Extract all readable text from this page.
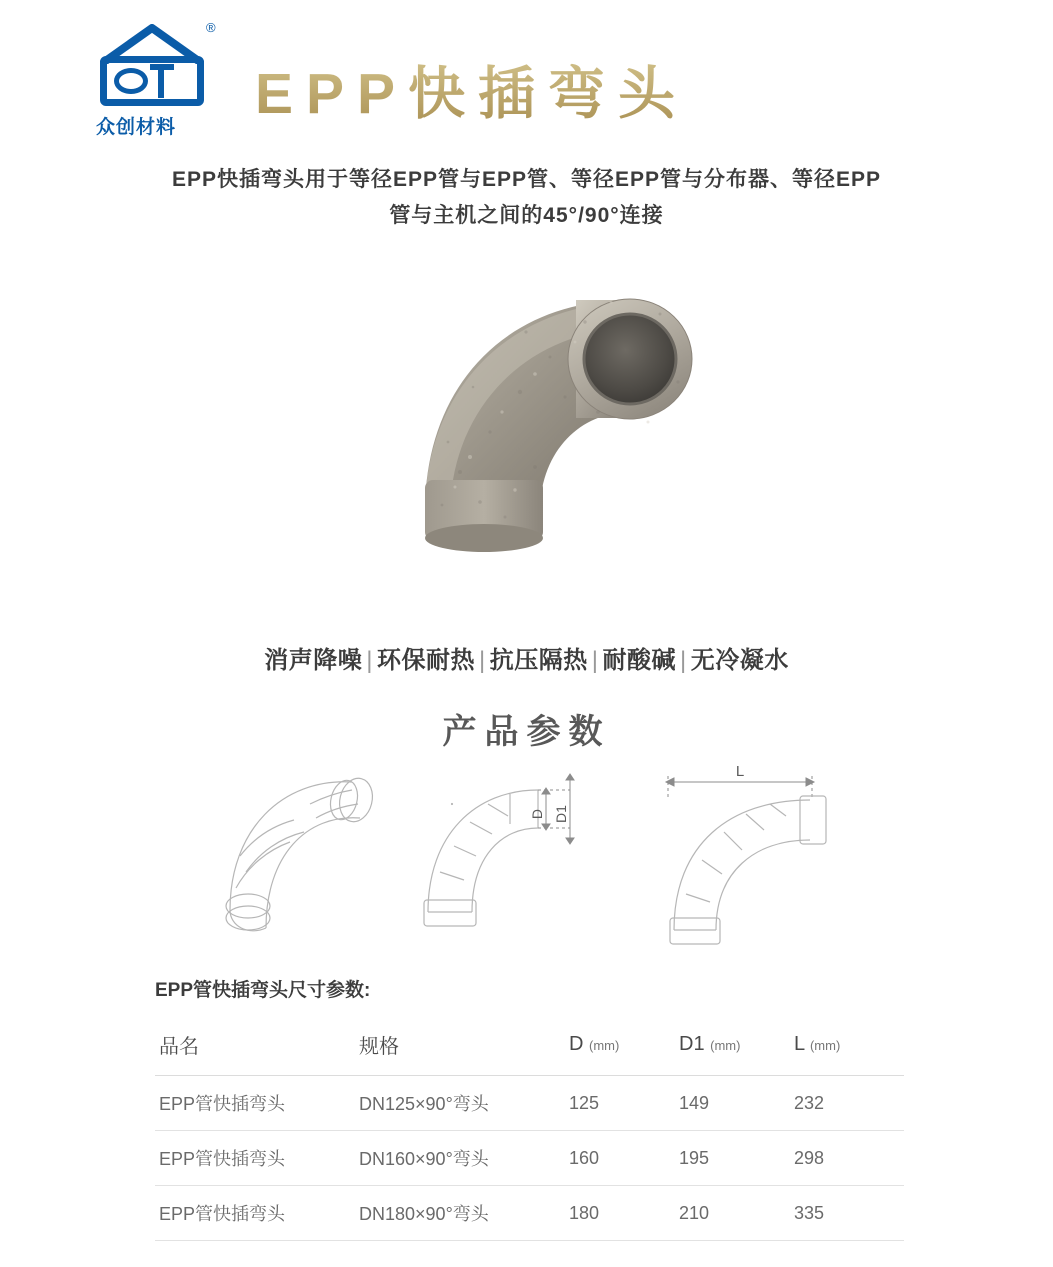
®
众创材料
EPP快插弯头
EPP快插弯头用于等径EPP管与EPP管、等径EPP管与分布器、等径EPP
管与主机之间的45°/90°连接
消声降噪 | 环保耐热 | 抗压隔热 | 耐酸碱 | 无冷凝水
产品参数
D D1
L
EPP管快插弯头尺寸参数:
品名	规格	D (mm)	D1 (mm)	L (mm)
EPP管快插弯头	DN125×90°弯头	125	149	232
EPP管快插弯头	DN160×90°弯头	160	195	298
EPP管快插弯头	DN180×90°弯头	180	210	335
